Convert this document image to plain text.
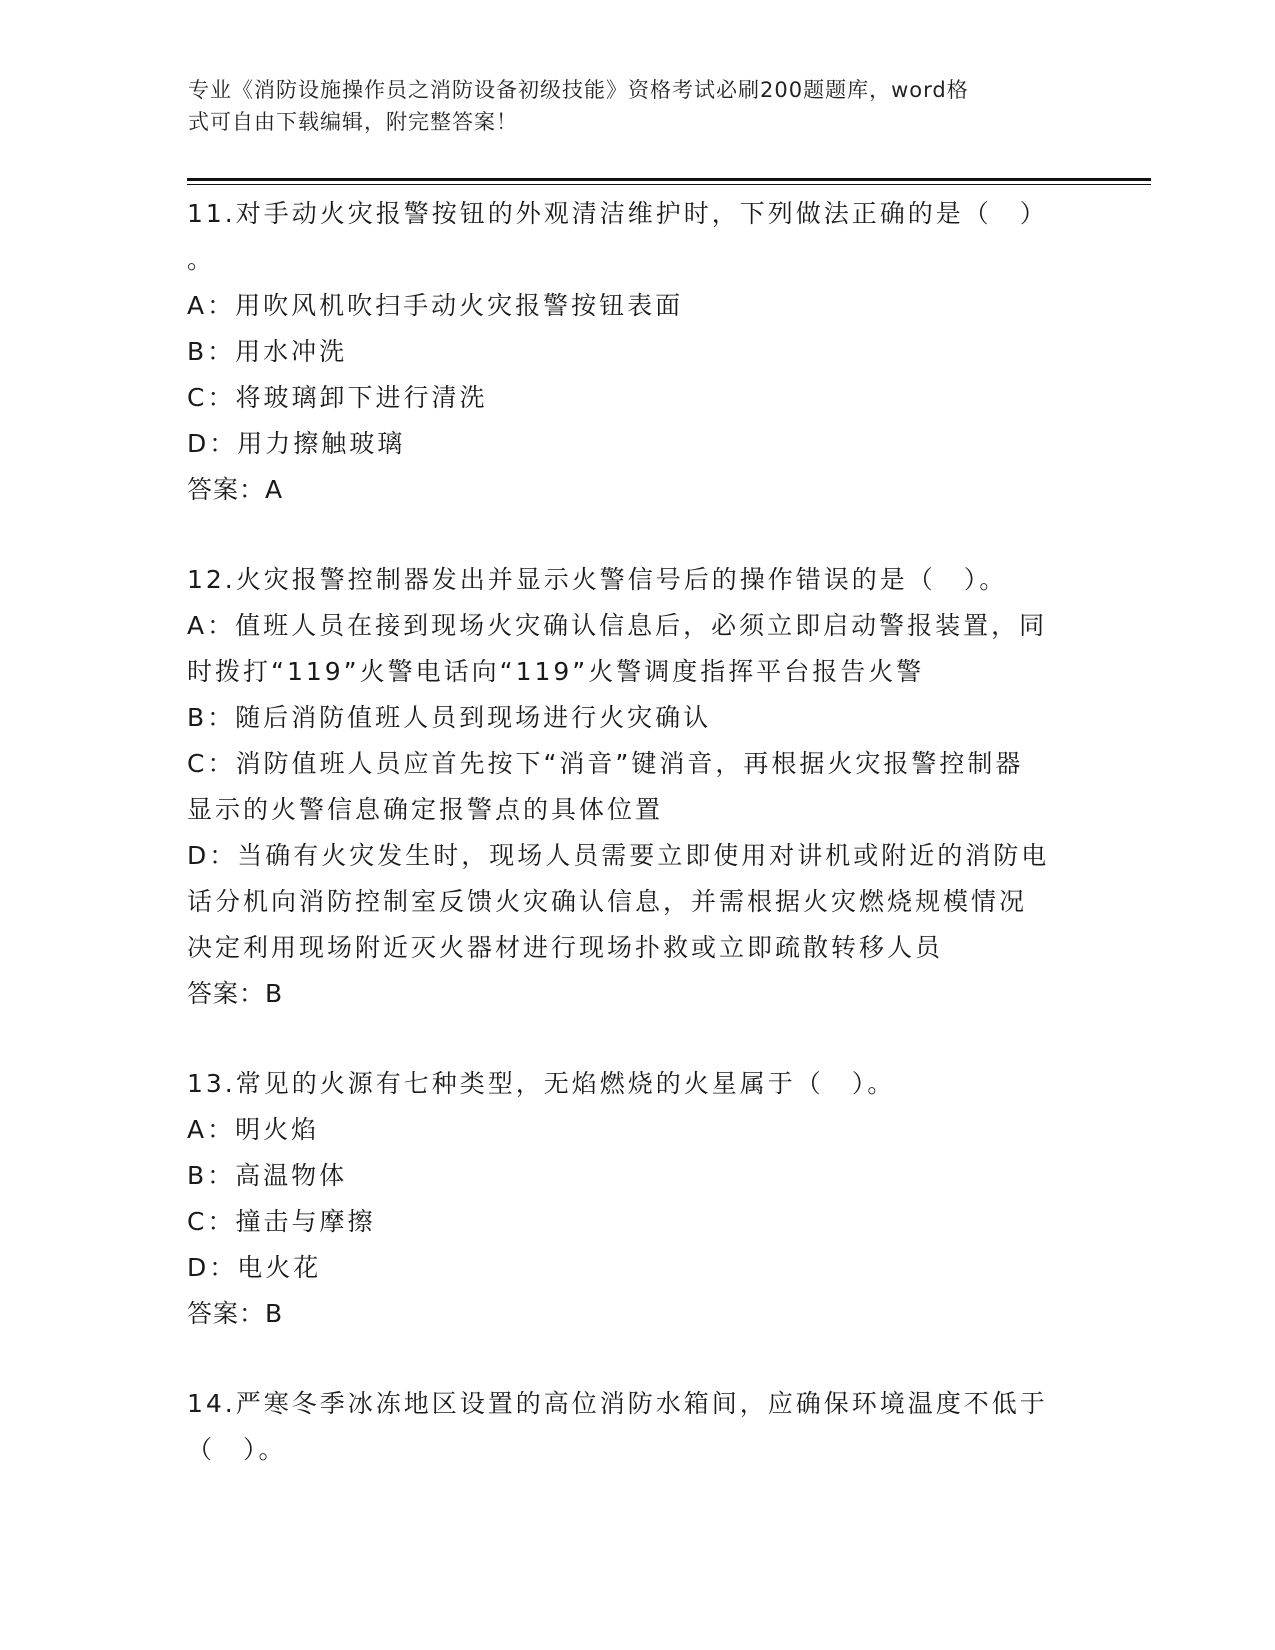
专业《消防设施操作员之消防设备初级技能》资格考试必刷200题题库，word格
式可自由下载编辑，附完整答案！

11.对手动火灾报警按钮的外观清洁维护时，下列做法正确的是（　）

。

A：用吹风机吹扫手动火灾报警按钮表面

B：用水冲洗

C：将玻璃卸下进行清洗

D：用力擦触玻璃

答案：A

12.火灾报警控制器发出并显示火警信号后的操作错误的是（　）。

A：值班人员在接到现场火灾确认信息后，必须立即启动警报装置，同

时拨打“119”火警电话向“119”火警调度指挥平台报告火警

B：随后消防值班人员到现场进行火灾确认

C：消防值班人员应首先按下“消音”键消音，再根据火灾报警控制器

显示的火警信息确定报警点的具体位置

D：当确有火灾发生时，现场人员需要立即使用对讲机或附近的消防电

话分机向消防控制室反馈火灾确认信息，并需根据火灾燃烧规模情况

决定利用现场附近灭火器材进行现场扑救或立即疏散转移人员

答案：B

13.常见的火源有七种类型，无焰燃烧的火星属于（　）。

A：明火焰

B：高温物体

C：撞击与摩擦

D：电火花

答案：B

14.严寒冬季冰冻地区设置的高位消防水箱间，应确保环境温度不低于

（　）。
